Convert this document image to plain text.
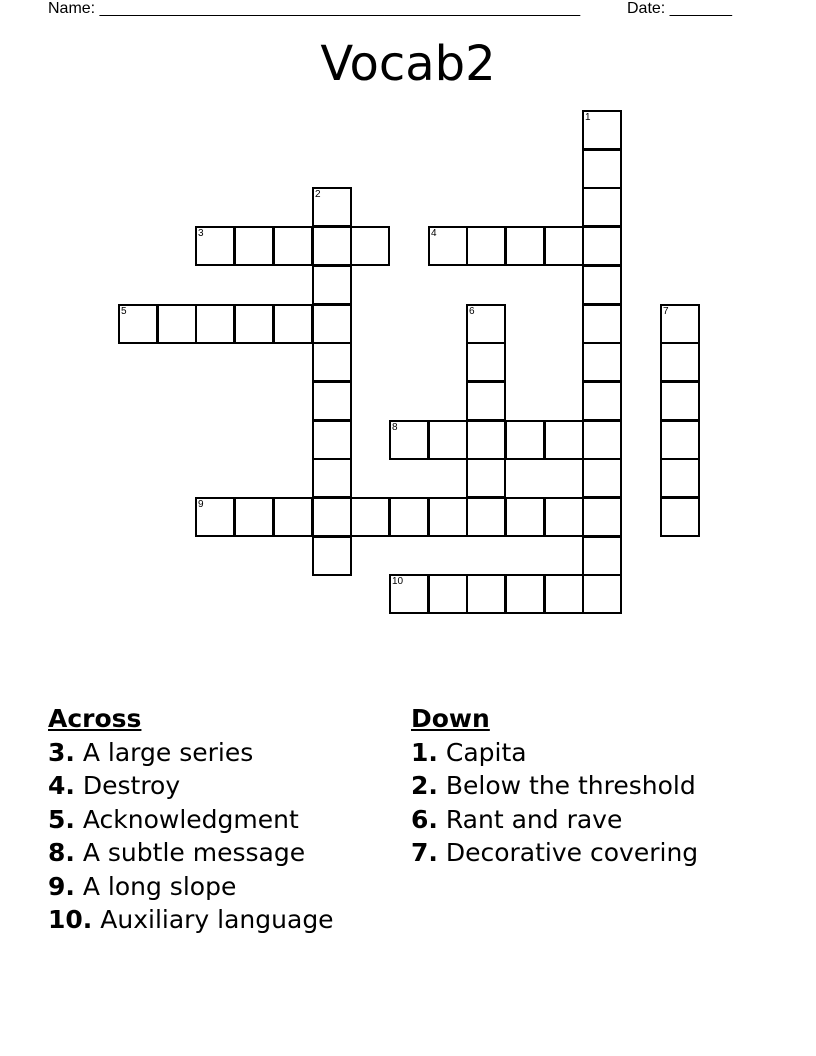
Name: ______________________________________________________	Date: _______
Vocab2
1
2
3	4
5	6	7
8
9
10
Across
3. A large series
4. Destroy
5. Acknowledgment
8. A subtle message
9. A long slope
10. Auxiliary language
Down
1. Capita
2. Below the threshold
6. Rant and rave
7. Decorative covering
